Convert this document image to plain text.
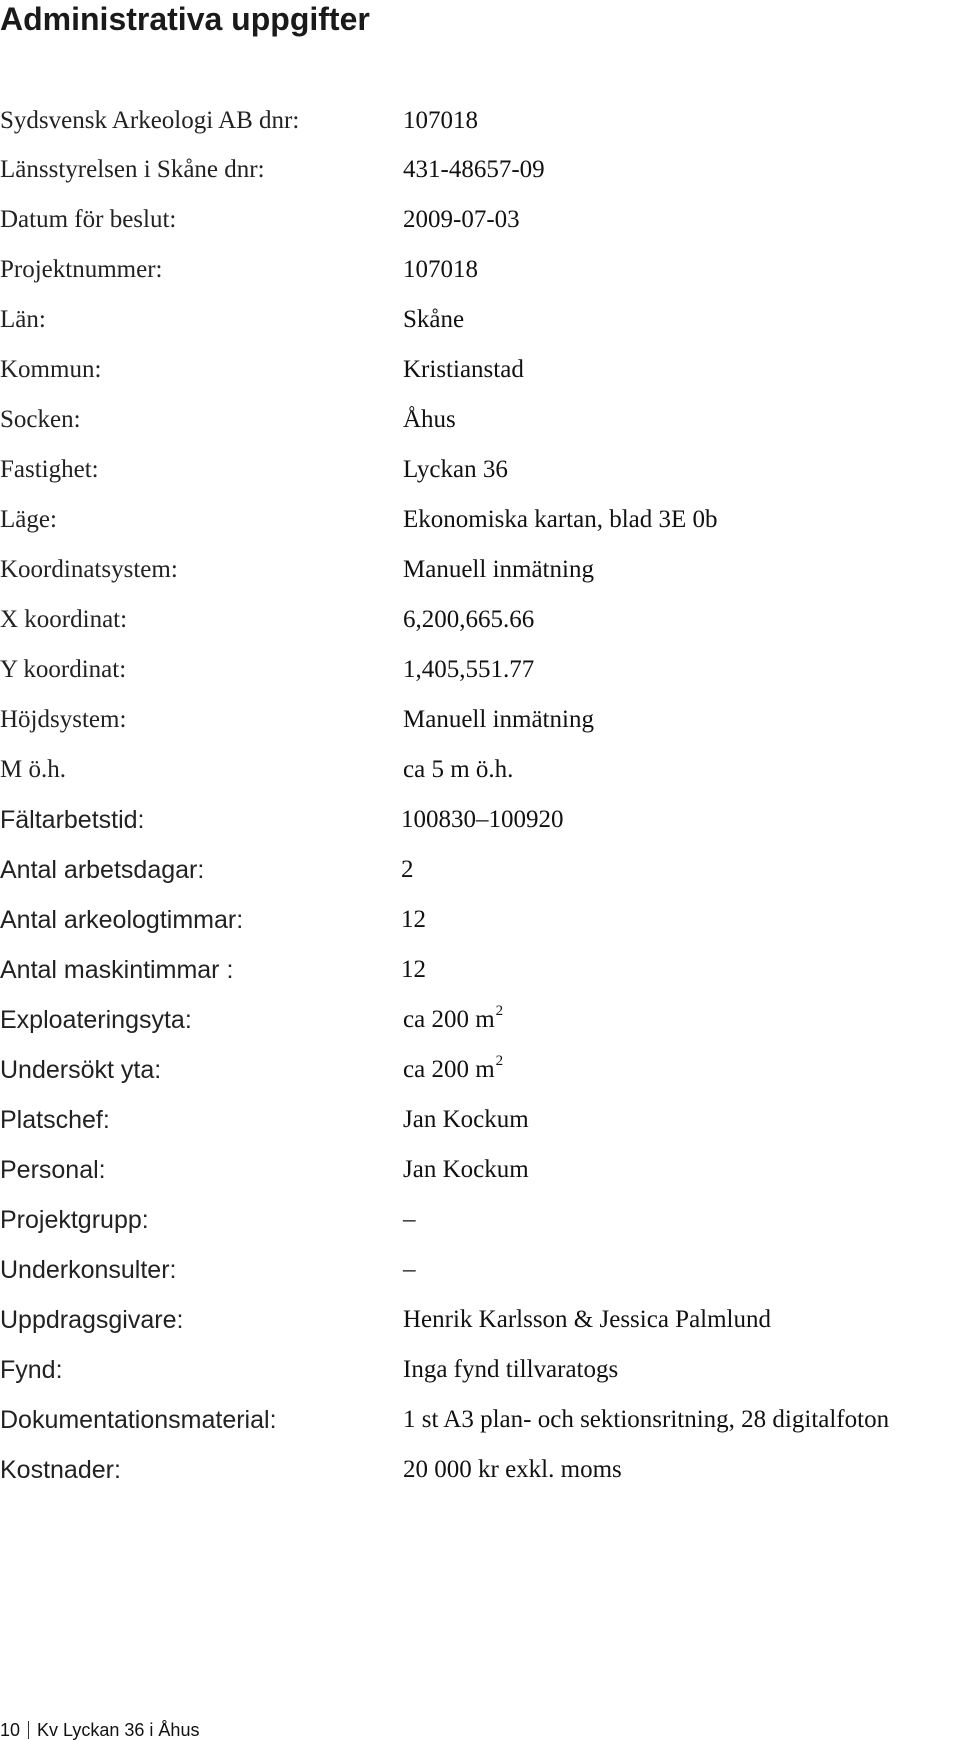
Administrativa uppgifter
Sydsvensk Arkeologi AB dnr:	107018
Länsstyrelsen i Skåne dnr:	431-48657-09
Datum för beslut:	2009-07-03
Projektnummer:	107018
Län:	Skåne
Kommun:	Kristianstad
Socken:	Åhus
Fastighet:	Lyckan 36
Läge:	Ekonomiska kartan, blad 3E 0b
Koordinatsystem:	Manuell inmätning
X koordinat:	6,200,665.66
Y koordinat:	1,405,551.77
Höjdsystem:	Manuell inmätning
M ö.h.	ca 5 m ö.h.
Fältarbetstid:	100830–100920
Antal arbetsdagar:	2
Antal arkeologtimmar:	12
Antal maskintimmar :	12
Exploateringsyta:	ca 200 $m^2$
Undersökt yta:	ca 200 $m^2$
Platschef:	Jan Kockum
Personal:	Jan Kockum
Projektgrupp:	–
Underkonsulter:	–
Uppdragsgivare:	Henrik Karlsson & Jessica Palmlund
Fynd:	Inga fynd tillvaratogs
Dokumentationsmaterial:	1 st A3 plan- och sektionsritning, 28 digitalfoton
Kostnader:	20 000 kr exkl. moms
10 Kv Lyckan 36 i Åhus
